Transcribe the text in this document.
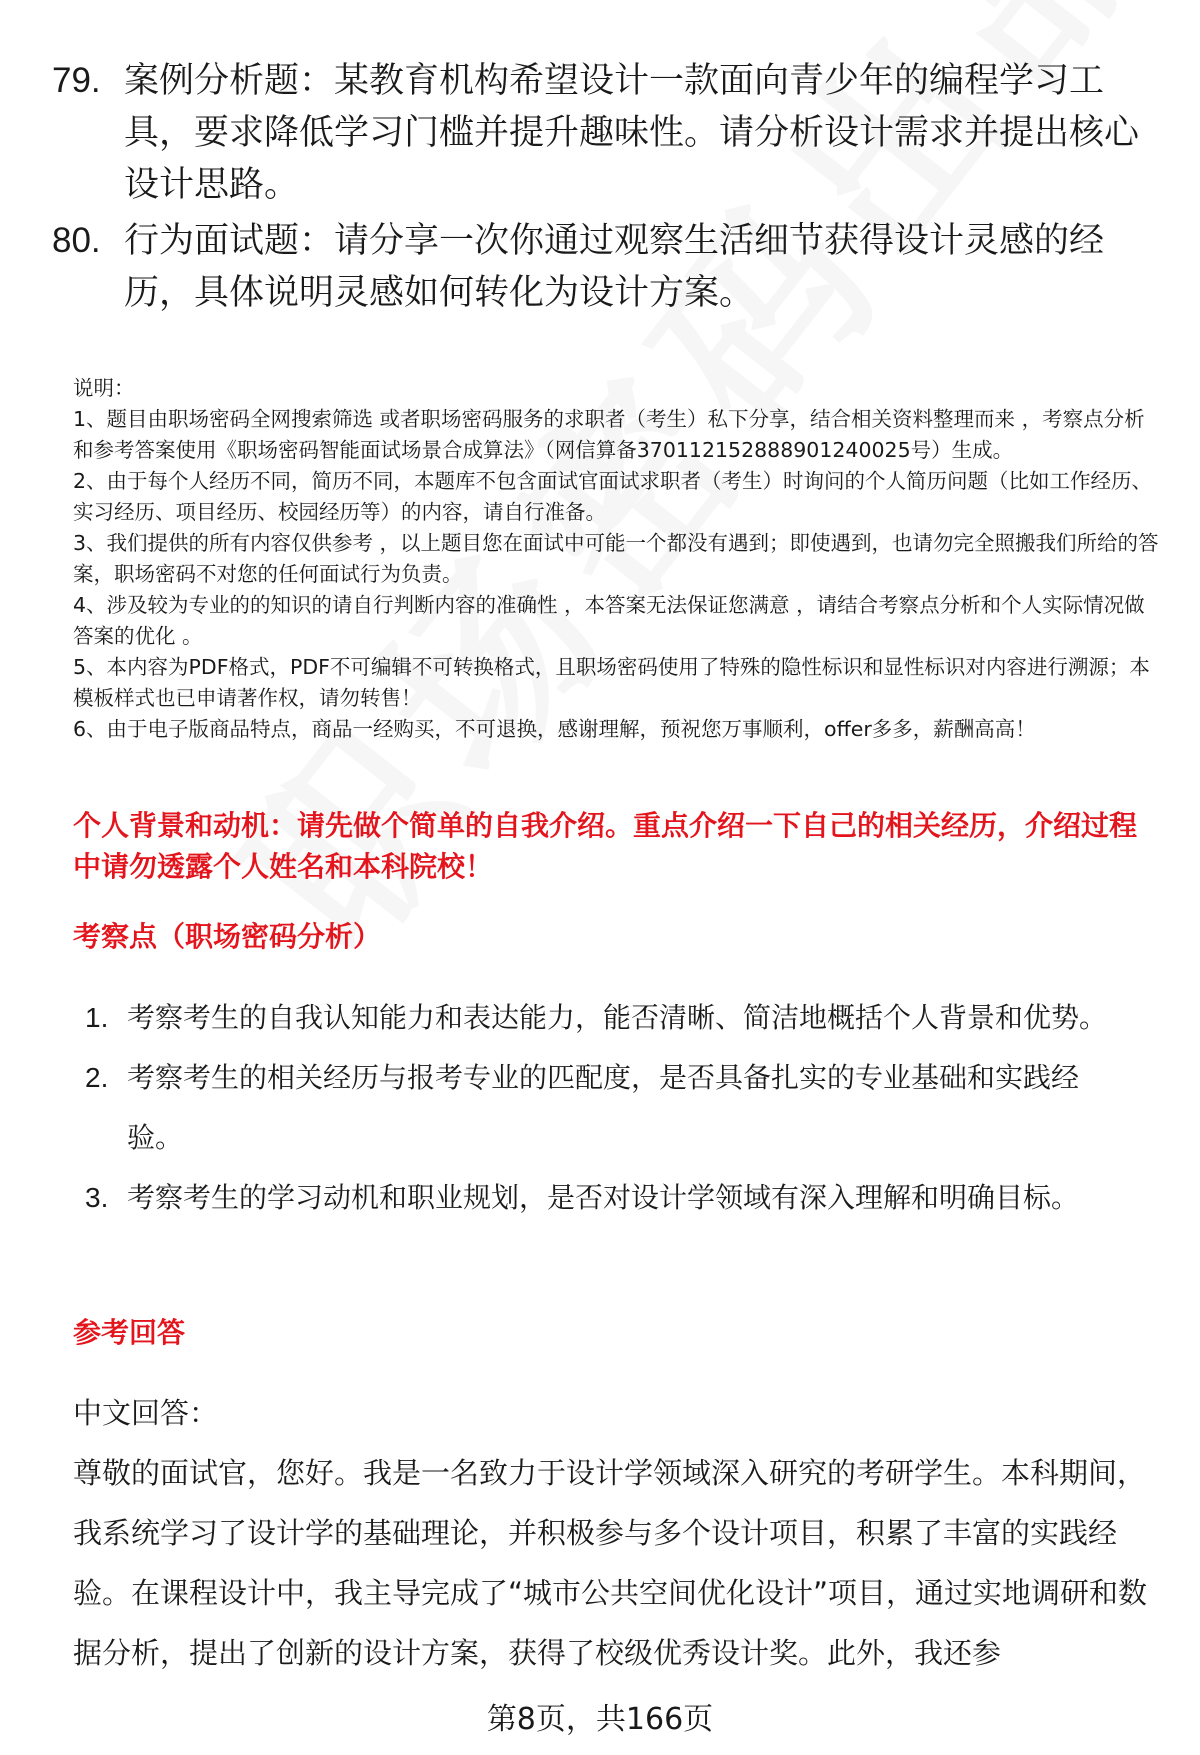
79. 案例分析题：某教育机构希望设计一款面向青少年的编程学习工具，要求降低学习门槛并提升趣味性。请分析设计需求并提出核心设计思路。
80. 行为面试题：请分享一次你通过观察生活细节获得设计灵感的经历，具体说明灵感如何转化为设计方案。
说明：
1、题目由职场密码全网搜索筛选 或者职场密码服务的求职者（考生）私下分享，结合相关资料整理而来 ，考察点分析和参考答案使用《职场密码智能面试场景合成算法》（网信算备370112152888901240025号）生成。
2、由于每个人经历不同，简历不同，本题库不包含面试官面试求职者（考生）时询问的个人简历问题（比如工作经历、实习经历、项目经历、校园经历等）的内容，请自行准备。
3、我们提供的所有内容仅供参考 ，以上题目您在面试中可能一个都没有遇到；即使遇到，也请勿完全照搬我们所给的答案，职场密码不对您的任何面试行为负责。
4、涉及较为专业的的知识的请自行判断内容的准确性 ，本答案无法保证您满意 ，请结合考察点分析和个人实际情况做答案的优化 。
5、本内容为PDF格式，PDF不可编辑不可转换格式，且职场密码使用了特殊的隐性标识和显性标识对内容进行溯源；本模板样式也已申请著作权，请勿转售！
6、由于电子版商品特点，商品一经购买，不可退换，感谢理解，预祝您万事顺利，offer多多，薪酬高高！
个人背景和动机：请先做个简单的自我介绍。重点介绍一下自己的相关经历，介绍过程中请勿透露个人姓名和本科院校！
考察点（职场密码分析）
1. 考察考生的自我认知能力和表达能力，能否清晰、简洁地概括个人背景和优势。
2. 考察考生的相关经历与报考专业的匹配度，是否具备扎实的专业基础和实践经验。
3. 考察考生的学习动机和职业规划，是否对设计学领域有深入理解和明确目标。
参考回答
中文回答：
尊敬的面试官，您好。我是一名致力于设计学领域深入研究的考研学生。本科期间，我系统学习了设计学的基础理论，并积极参与多个设计项目，积累了丰富的实践经验。在课程设计中，我主导完成了“城市公共空间优化设计”项目，通过实地调研和数据分析，提出了创新的设计方案，获得了校级优秀设计奖。此外，我还参
第8页，共166页
